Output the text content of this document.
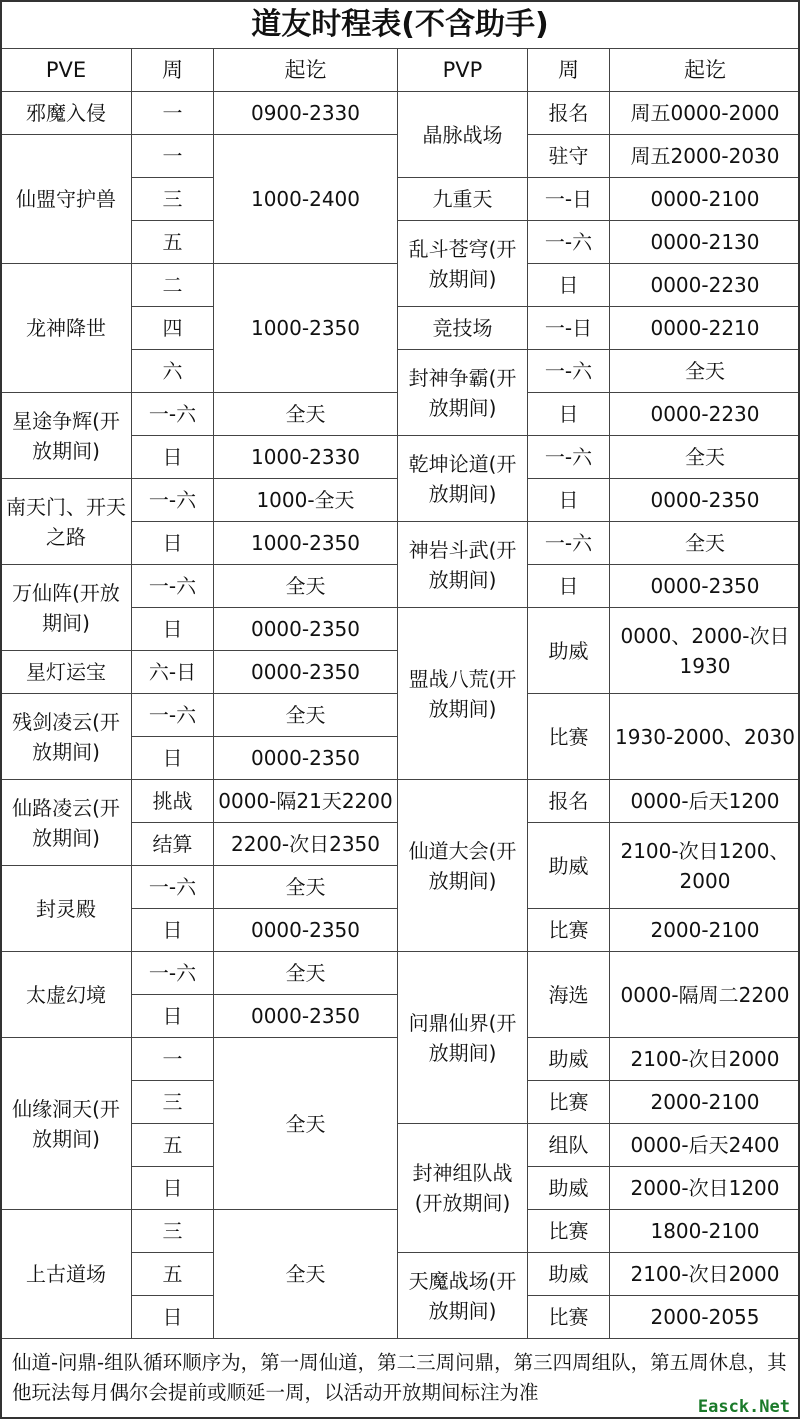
道友时程表(不含助手)
PVE	周	起讫	PVP	周	起讫
邪魔入侵	一	0900-2330	晶脉战场	报名	周五0000-2000
仙盟守护兽	一	1000-2400		驻守	周五2000-2030
	三		九重天	一-日	0000-2100
	五		乱斗苍穹(开放期间)	一-六	0000-2130
龙神降世	二	1000-2350		日	0000-2230
	四		竞技场	一-日	0000-2210
	六		封神争霸(开放期间)	一-六	全天
星途争辉(开放期间)	一-六	全天		日	0000-2230
	日	1000-2330	乾坤论道(开放期间)	一-六	全天
南天门、开天之路	一-六	1000-全天		日	0000-2350
	日	1000-2350	神岩斗武(开放期间)	一-六	全天
万仙阵(开放期间)	一-六	全天		日	0000-2350
	日	0000-2350	盟战八荒(开放期间)	助威	0000、2000-次日1930
星灯运宝	六-日	0000-2350			
残剑凌云(开放期间)	一-六	全天		比赛	1930-2000、2030
	日	0000-2350			
仙路凌云(开放期间)	挑战	0000-隔21天2200	仙道大会(开放期间)	报名	0000-后天1200
	结算	2200-次日2350		助威	2100-次日1200、2000
封灵殿	一-六	全天			
	日	0000-2350		比赛	2000-2100
太虚幻境	一-六	全天	问鼎仙界(开放期间)	海选	0000-隔周二2200
	日	0000-2350			
仙缘洞天(开放期间)	一	全天		助威	2100-次日2000
	三			比赛	2000-2100
	五		封神组队战(开放期间)	组队	0000-后天2400
	日			助威	2000-次日1200
上古道场	三	全天		比赛	1800-2100
	五		天魔战场(开放期间)	助威	2100-次日2000
	日			比赛	2000-2055
仙道-问鼎-组队循环顺序为，第一周仙道，第二三周问鼎，第三四周组队，第五周休息，其他玩法每月偶尔会提前或顺延一周，以活动开放期间标注为准
Easck.Net
